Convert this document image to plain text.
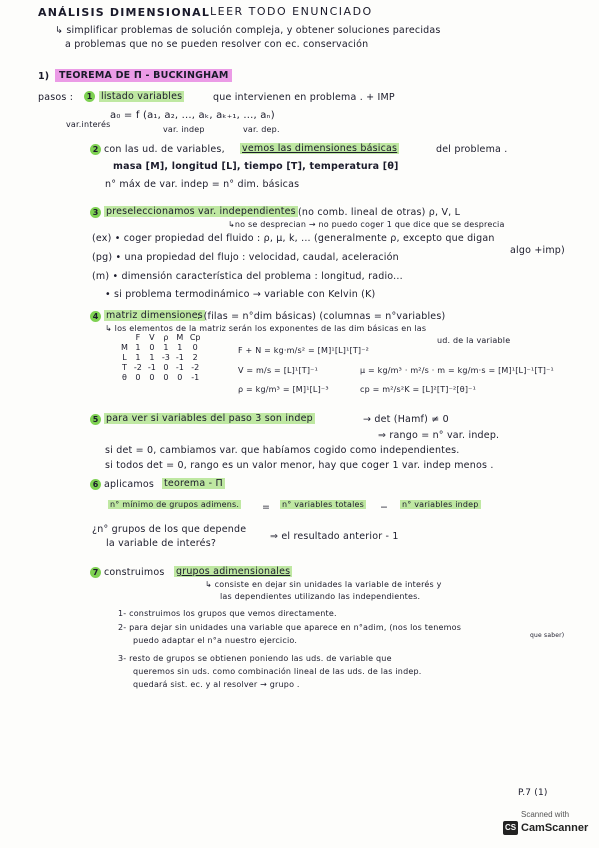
ANÁLISIS DIMENSIONAL LEER TODO ENUNCIADO
↳ simplificar problemas de solución compleja, y obtener soluciones parecidas
a problemas que no se pueden resolver con ec. conservación
1)	TEOREMA DE Π - BUCKINGHAM
pasos :	1 listado variables	que intervienen en problema . + IMP
a₀ = f (a₁, a₂, ..., aₖ, aₖ₊₁, ..., aₙ)
var.interés
var. indep	var. dep.
2 con las ud. de variables, vemos las dimensiones básicas	del problema .
masa [M], longitud [L], tiempo [T], temperatura [θ]
n° máx de var. indep = n° dim. básicas
3 preseleccionamos var. independientes (no comb. lineal de otras) ρ, V, L
↳no se desprecian → no puedo coger 1 que dice que se desprecia
(ex) • coger propiedad del fluido : ρ, μ, k, ... (generalmente ρ, excepto que digan
algo +imp)
(pg) • una propiedad del flujo : velocidad, caudal, aceleración
(m) • dimensión característica del problema : longitud, radio...
• si problema termodinámico → variable con Kelvin (K)
4 matriz dimensiones
: (filas = n°dim básicas) (columnas = n°variables)
↳ los elementos de la matriz serán los exponentes de las dim básicas en las
ud. de la variable
	F	V	ρ	M	Cp
M	1	0	1	1	0
L	1	1	-3	-1	2
T	-2	-1	0	-1	-2
θ	0	0	0	0	-1
F + N = kg·m/s² = [M]¹[L]¹[T]⁻²
V = m/s = [L]¹[T]⁻¹
ρ = kg/m³ = [M]¹[L]⁻³
μ = kg/m³ · m²/s · m = kg/m·s = [M]¹[L]⁻¹[T]⁻¹
cp = m²/s²K = [L]²[T]⁻²[θ]⁻¹
5 para ver si variables del paso 3 son indep	→ det (Hamf) ≠ 0
⇒ rango = n° var. indep.
si det = 0, cambiamos var. que habíamos cogido como independientes.
si todos det = 0, rango es un valor menor, hay que coger 1 var. indep menos .
6 aplicamos teorema - Π
n° mínimo de grupos adimens. = n° variables totales − n° variables indep
¿n° grupos de los que depende
la variable de interés?
⇒ el resultado anterior - 1
7 construimos grupos adimensionales
↳ consiste en dejar sin unidades la variable de interés y
las dependientes utilizando las independientes.
1- construimos los grupos que vemos directamente.
2- para dejar sin unidades una variable que aparece en n°adim, (nos los tenemos
que saber)
puedo adaptar el n°a nuestro ejercicio.
3- resto de grupos se obtienen poniendo las uds. de variable que
queremos sin uds. como combinación lineal de las uds. de las indep.
quedará sist. ec. y al resolver → grupo .
P.7 (1)
CS
Scanned with
CamScanner
